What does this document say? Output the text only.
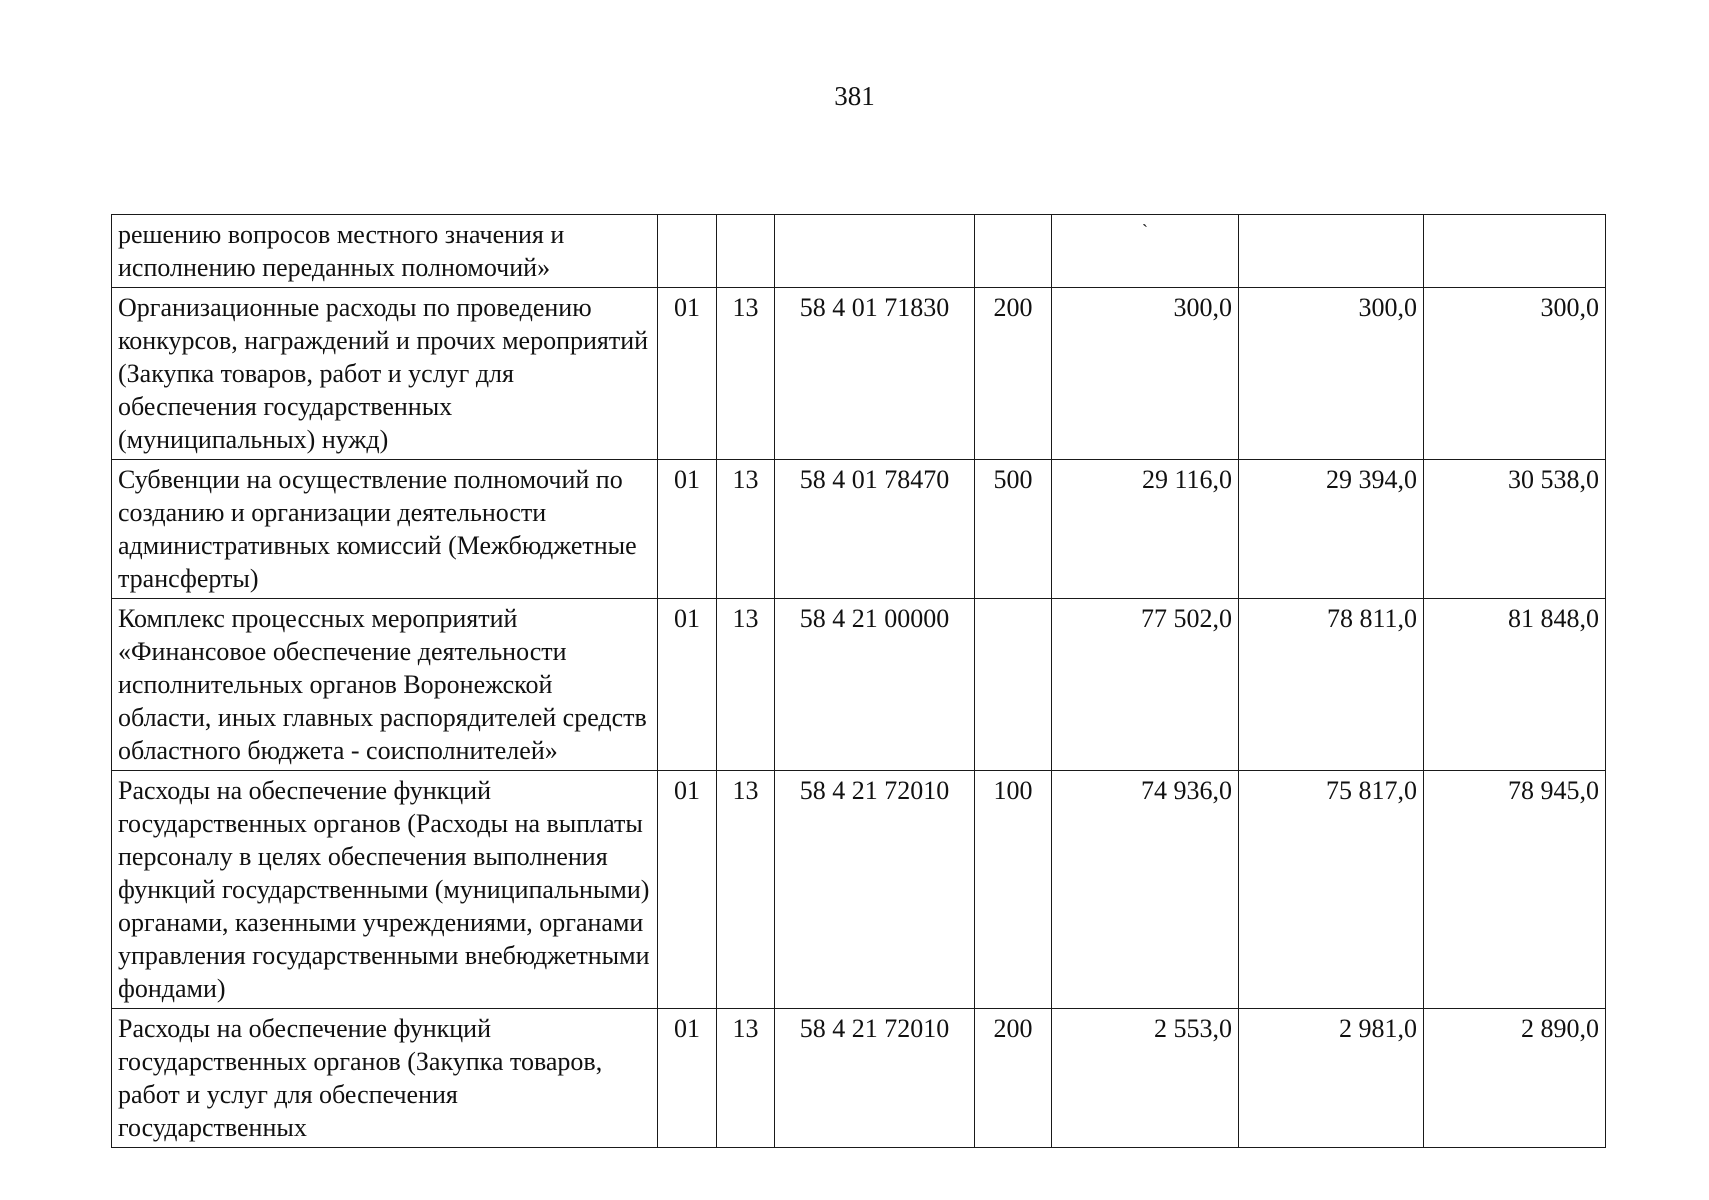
381
решению вопросов местного значения и исполнению переданных полномочий»					`		

Организационные расходы по проведению конкурсов, награждений и прочих мероприятий (Закупка товаров, работ и услуг для обеспечения государственных (муниципальных) нужд)	01	13	58 4 01 71830	200	300,0	300,0	300,0
Субвенции на осуществление полномочий по созданию и организации деятельности административных комиссий (Межбюджетные трансферты)	01	13	58 4 01 78470	500	29 116,0	29 394,0	30 538,0
Комплекс процессных мероприятий «Финансовое обеспечение деятельности исполнительных органов Воронежской области, иных главных распорядителей средств областного бюджета - соисполнителей»	01	13	58 4 21 00000		77 502,0	78 811,0	81 848,0
Расходы на обеспечение функций государственных органов (Расходы на выплаты персоналу в целях обеспечения выполнения функций государственными (муниципальными) органами, казенными учреждениями, органами управления государственными внебюджетными фондами)	01	13	58 4 21 72010	100	74 936,0	75 817,0	78 945,0
Расходы на обеспечение функций государственных органов (Закупка товаров, работ и услуг для обеспечения государственных	01	13	58 4 21 72010	200	2 553,0	2 981,0	2 890,0
